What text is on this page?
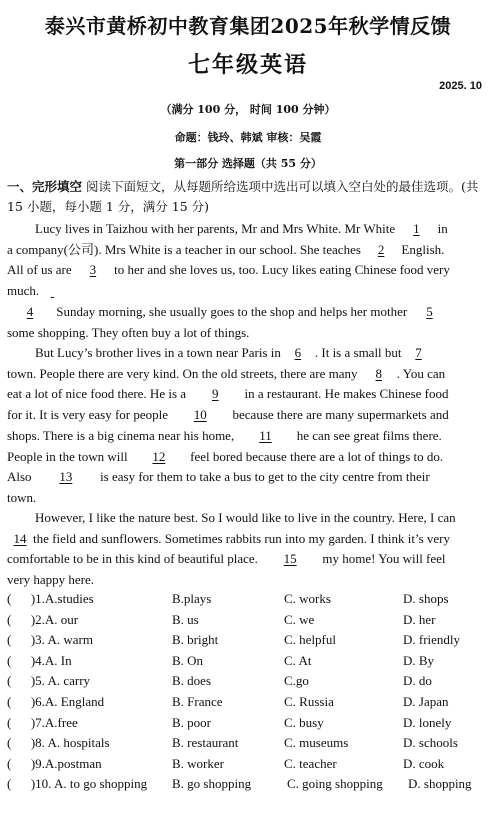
泰兴市黄桥初中教育集团2025年秋学情反馈
七年级英语
2025. 10
（满分 100 分， 时间 100 分钟）
命题：钱玲、韩斌 审核：吴霞
第一部分 选择题（共 55 分）
一、完形填空 阅读下面短文，从每题所给选项中选出可以填入空白处的最佳选项。(共 15 小题，每小题 1 分，满分 15 分)
Lucy lives in Taizhou with her parents, Mr and Mrs White. Mr White 1 in
a company(公司). Mrs White is a teacher in our school. She teaches 2 English.
All of us are 3 to her and she loves us, too. Lucy likes eating Chinese food very
much.
4 Sunday morning, she usually goes to the shop and helps her mother 5
some shopping. They often buy a lot of things.
But Lucy’s brother lives in a town near Paris in 6 . It is a small but 7
town. People there are very kind. On the old streets, there are many 8 . You can
eat a lot of nice food there. He is a 9 in a restaurant. He makes Chinese food
for it. It is very easy for people 10 because there are many supermarkets and
shops. There is a big cinema near his home, 11 he can see great films there.
People in the town will 12 feel bored because there are a lot of things to do.
Also 13 is easy for them to take a bus to get to the city centre from their
town.
However, I like the nature best. So I would like to live in the country. Here, I can
14 the field and sunflowers. Sometimes rabbits run into my garden. I think it’s very
comfortable to be in this kind of beautiful place. 15 my home! You will feel
very happy here.
( )1.A.studies	B.plays	C. works	D. shops
( )2.A. our	B. us	C. we	D. her
( )3. A. warm	B. bright	C. helpful	D. friendly
( )4.A. In	B. On	C. At	D. By
( )5. A. carry	B. does	C.go	D. do
( )6.A. England	B. France	C. Russia	D. Japan
( )7.A.free	B. poor	C. busy	D. lonely
( )8. A. hospitals	B. restaurant	C. museums	D. schools
( )9.A.postman	B. worker	C. teacher	D. cook
( )10. A. to go shopping B. go shopping	C. going shopping D. shopping
